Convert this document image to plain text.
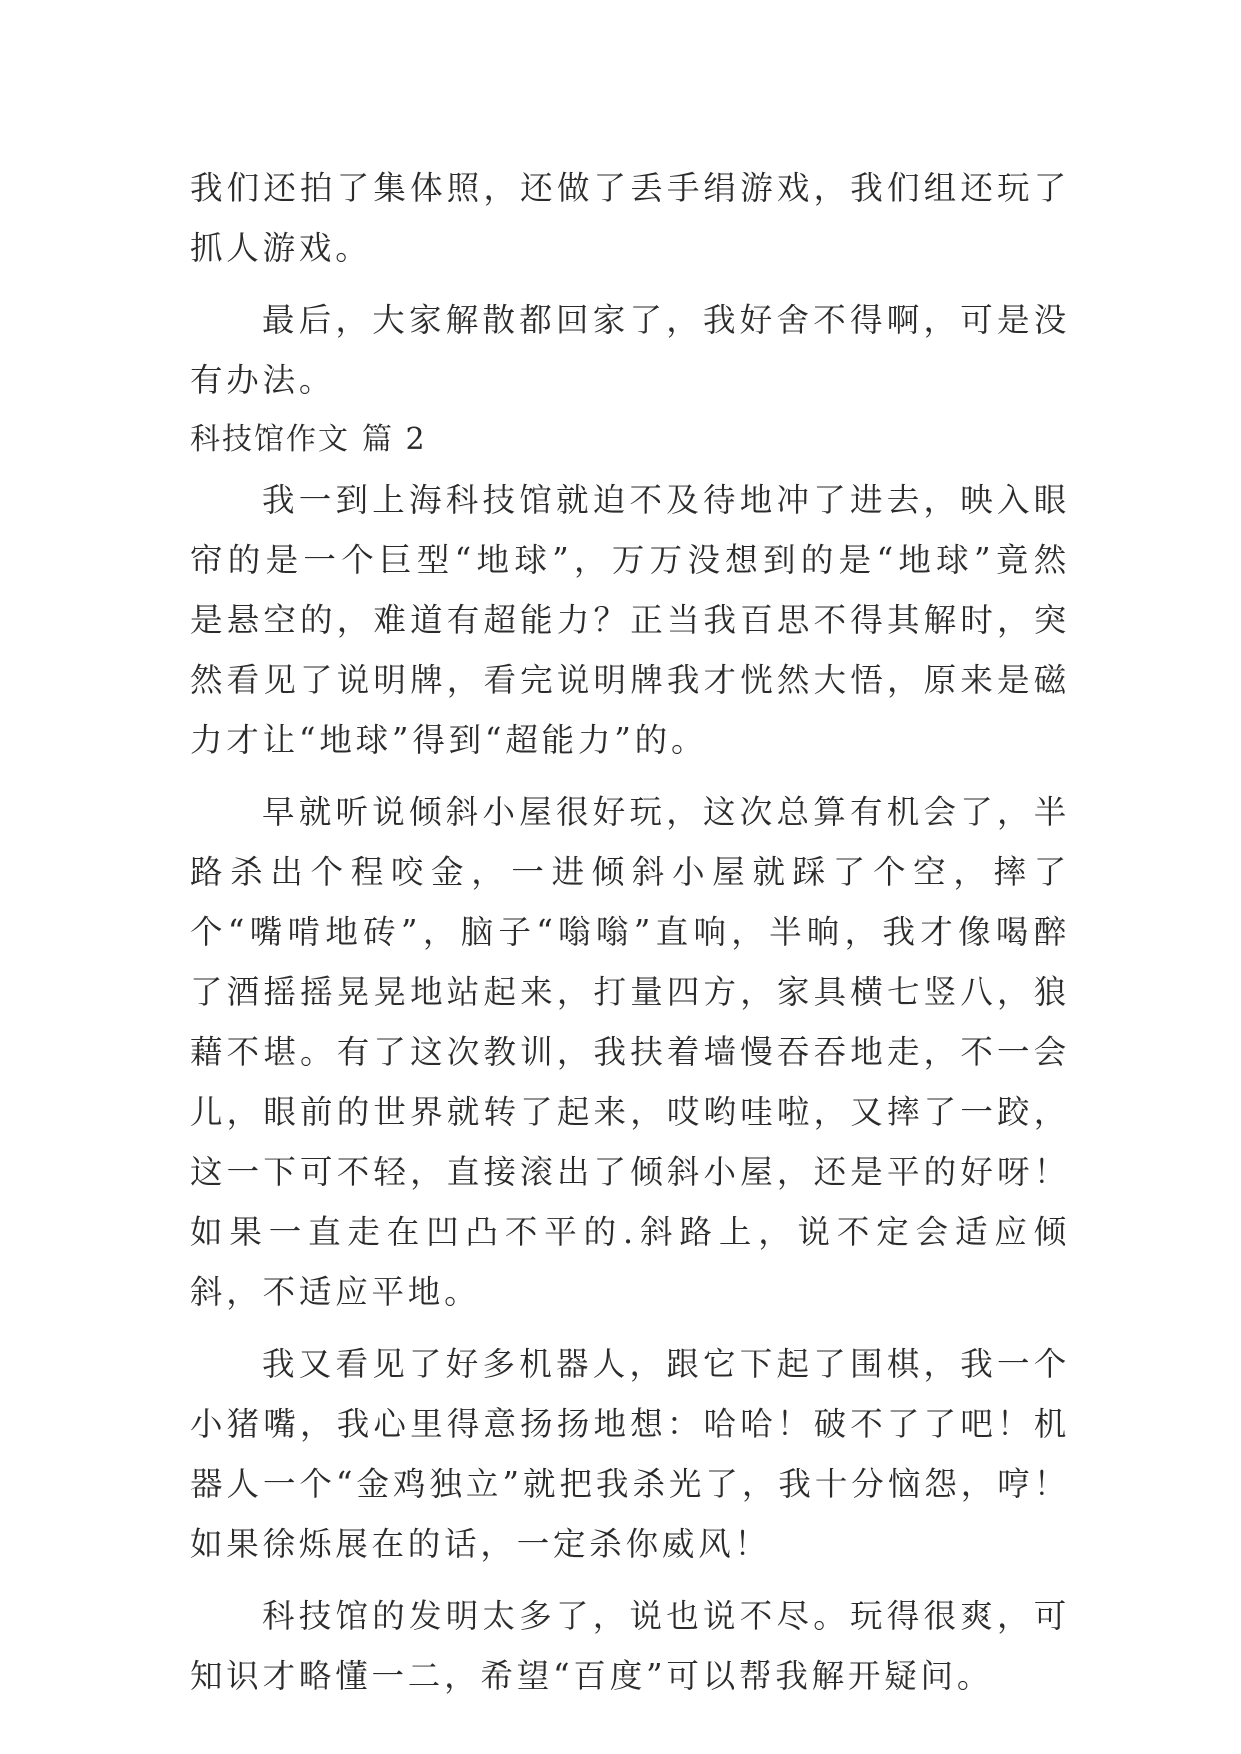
我们还拍了集体照，还做了丢手绢游戏，我们组还玩了抓人游戏。

最后，大家解散都回家了，我好舍不得啊，可是没有办法。

科技馆作文 篇 2

我一到上海科技馆就迫不及待地冲了进去，映入眼帘的是一个巨型“地球”，万万没想到的是“地球”竟然是悬空的，难道有超能力？正当我百思不得其解时，突然看见了说明牌，看完说明牌我才恍然大悟，原来是磁力才让“地球”得到“超能力”的。

早就听说倾斜小屋很好玩，这次总算有机会了，半路杀出个程咬金，一进倾斜小屋就踩了个空，摔了个“嘴啃地砖”，脑子“嗡嗡”直响，半晌，我才像喝醉了酒摇摇晃晃地站起来，打量四方，家具横七竖八，狼藉不堪。有了这次教训，我扶着墙慢吞吞地走，不一会儿，眼前的世界就转了起来，哎哟哇啦，又摔了一跤，这一下可不轻，直接滚出了倾斜小屋，还是平的好呀！如果一直走在凹凸不平的.斜路上，说不定会适应倾斜，不适应平地。

我又看见了好多机器人，跟它下起了围棋，我一个小猪嘴，我心里得意扬扬地想：哈哈！破不了了吧！机器人一个“金鸡独立”就把我杀光了，我十分恼怨，哼！如果徐烁展在的话，一定杀你威风！

科技馆的发明太多了，说也说不尽。玩得很爽，可知识才略懂一二，希望“百度”可以帮我解开疑问。
